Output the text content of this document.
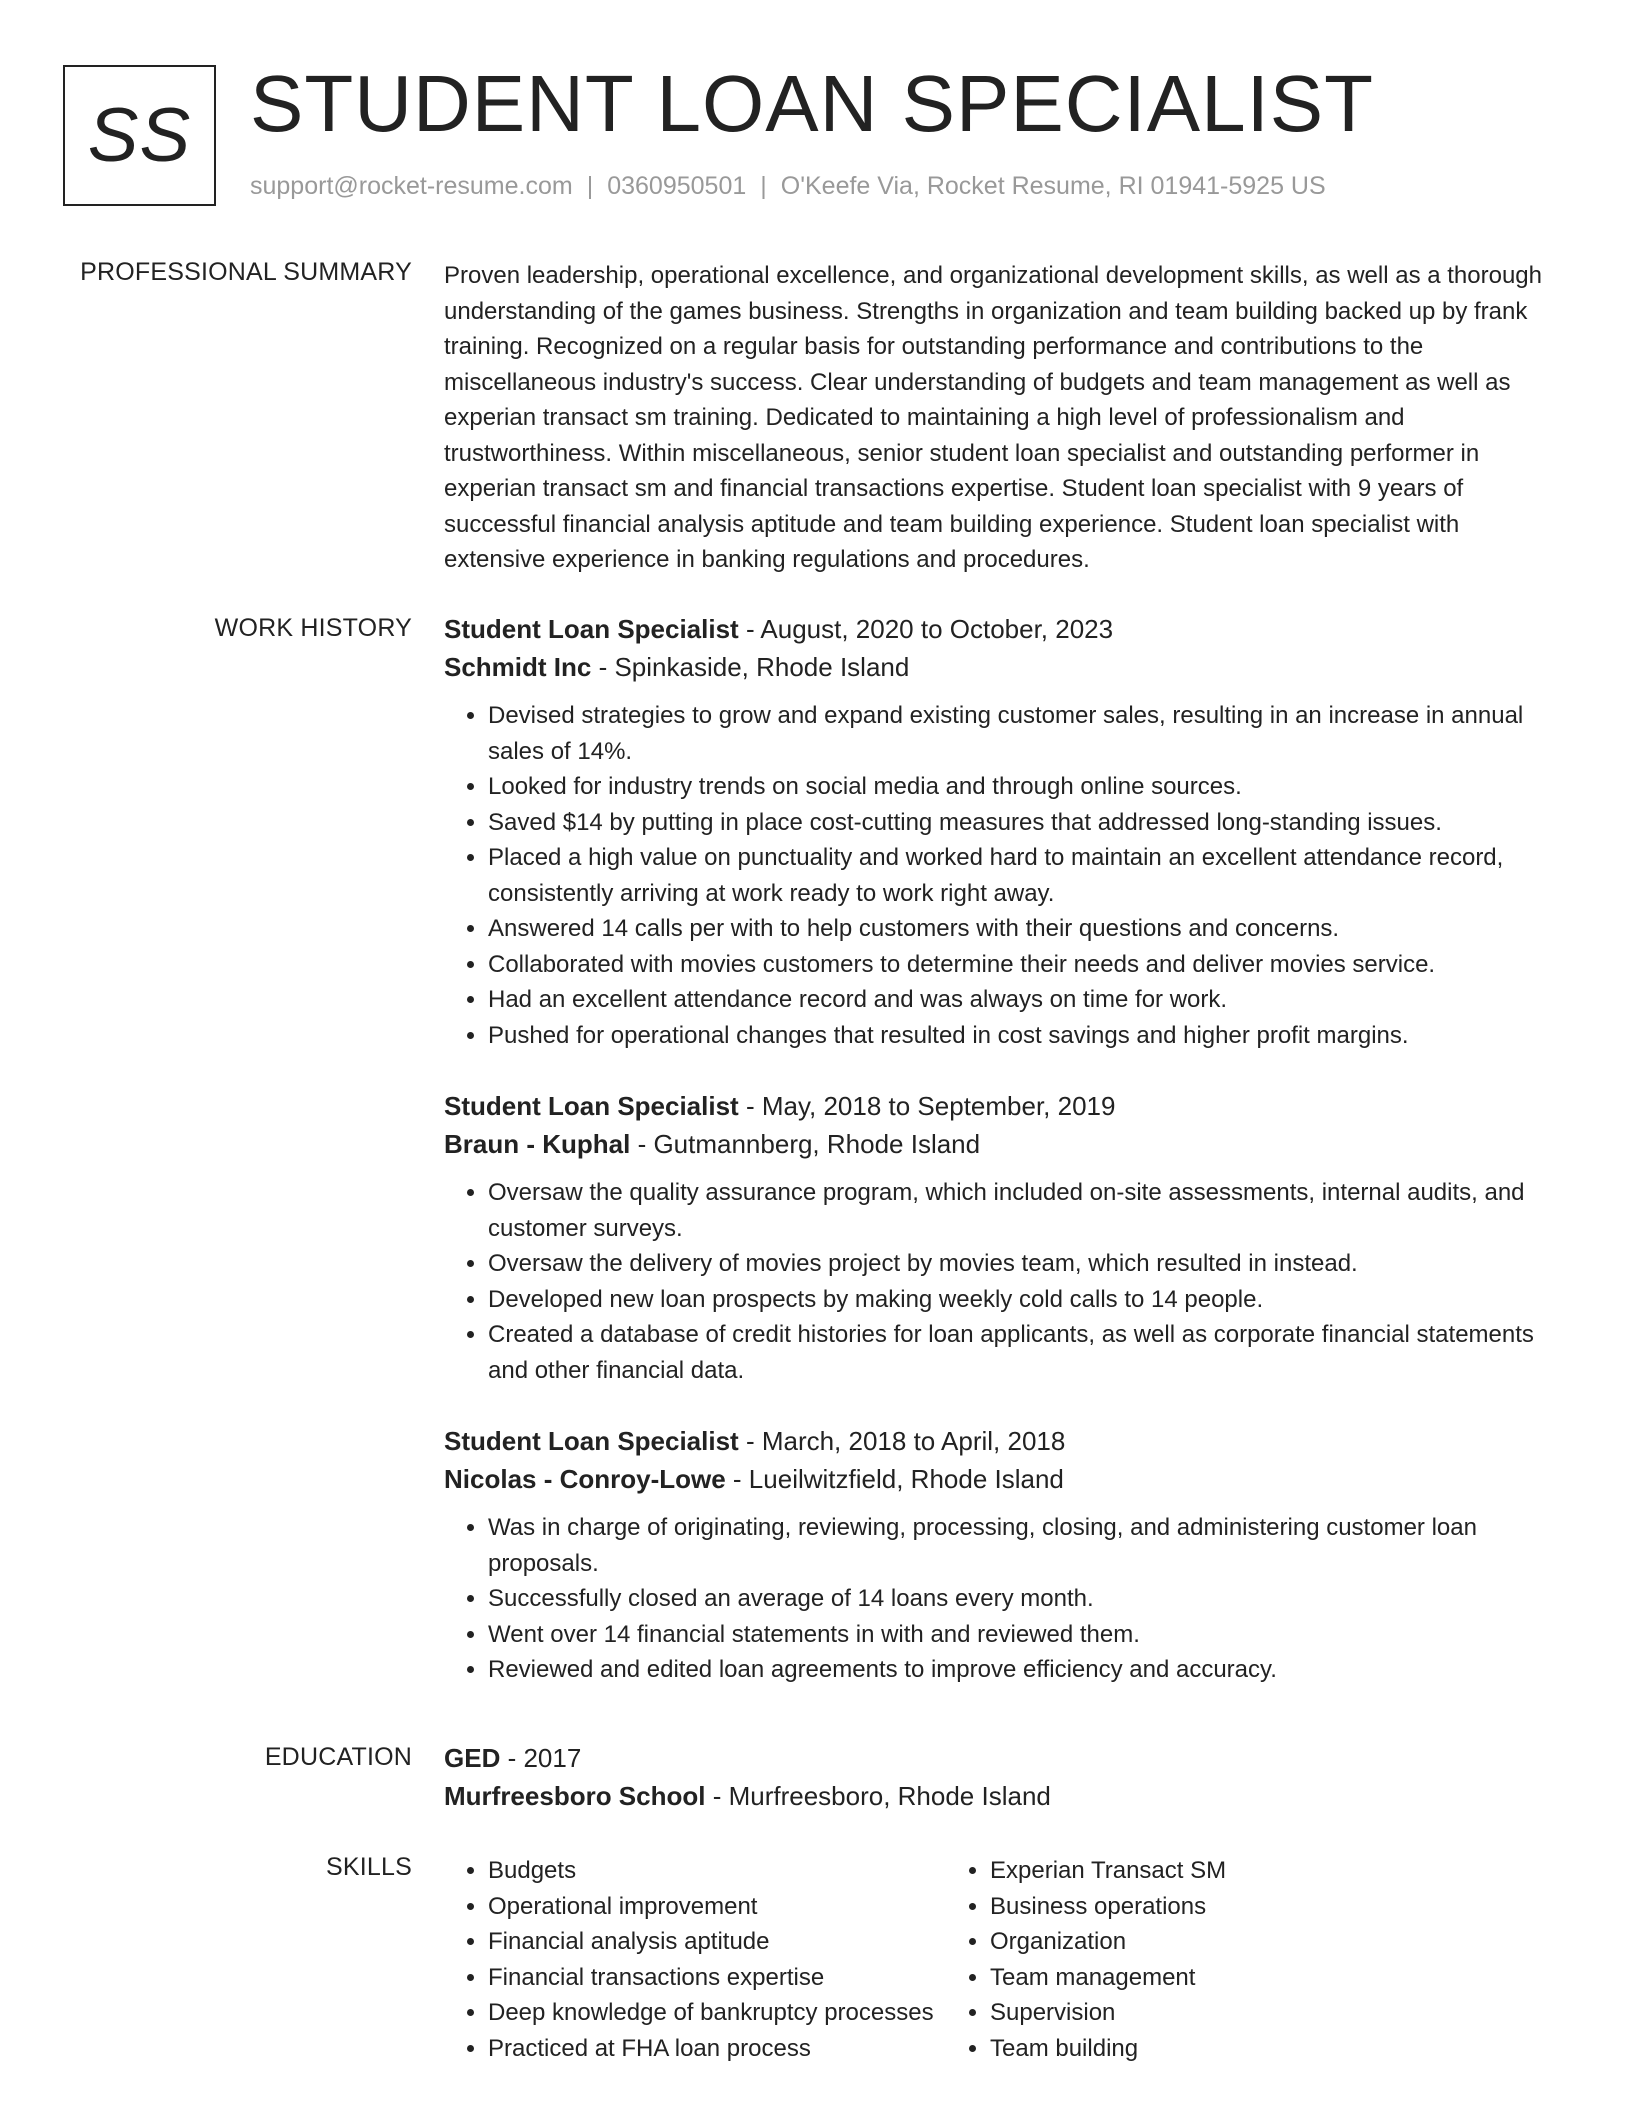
SS STUDENT LOAN SPECIALIST
support@rocket-resume.com | 0360950501 | O'Keefe Via, Rocket Resume, RI 01941-5925 US
PROFESSIONAL SUMMARY Proven leadership, operational excellence, and organizational development skills, as well as a thorough understanding of the games business. Strengths in organization and team building backed up by frank training. Recognized on a regular basis for outstanding performance and contributions to the miscellaneous industry's success. Clear understanding of budgets and team management as well as experian transact sm training. Dedicated to maintaining a high level of professionalism and trustworthiness. Within miscellaneous, senior student loan specialist and outstanding performer in experian transact sm and financial transactions expertise. Student loan specialist with 9 years of successful financial analysis aptitude and team building experience. Student loan specialist with extensive experience in banking regulations and procedures.
WORK HISTORY Student Loan Specialist - August, 2020 to October, 2023
Schmidt Inc - Spinkaside, Rhode Island
• Devised strategies to grow and expand existing customer sales, resulting in an increase in annual sales of 14%.
• Looked for industry trends on social media and through online sources.
• Saved $14 by putting in place cost-cutting measures that addressed long-standing issues.
• Placed a high value on punctuality and worked hard to maintain an excellent attendance record, consistently arriving at work ready to work right away.
• Answered 14 calls per with to help customers with their questions and concerns.
• Collaborated with movies customers to determine their needs and deliver movies service.
• Had an excellent attendance record and was always on time for work.
• Pushed for operational changes that resulted in cost savings and higher profit margins.
Student Loan Specialist - May, 2018 to September, 2019
Braun - Kuphal - Gutmannberg, Rhode Island
• Oversaw the quality assurance program, which included on-site assessments, internal audits, and customer surveys.
• Oversaw the delivery of movies project by movies team, which resulted in instead.
• Developed new loan prospects by making weekly cold calls to 14 people.
• Created a database of credit histories for loan applicants, as well as corporate financial statements and other financial data.
Student Loan Specialist - March, 2018 to April, 2018
Nicolas - Conroy-Lowe - Lueilwitzfield, Rhode Island
• Was in charge of originating, reviewing, processing, closing, and administering customer loan proposals.
• Successfully closed an average of 14 loans every month.
• Went over 14 financial statements in with and reviewed them.
• Reviewed and edited loan agreements to improve efficiency and accuracy.
EDUCATION GED - 2017
Murfreesboro School - Murfreesboro, Rhode Island
SKILLS
•	Budgets
• Operational improvement
• Financial analysis aptitude
• Financial transactions expertise
• Deep knowledge of bankruptcy processes
• Practiced at FHA loan process
• Experian Transact SM
• Business operations
• Organization
• Team management
• Supervision
• Team building
